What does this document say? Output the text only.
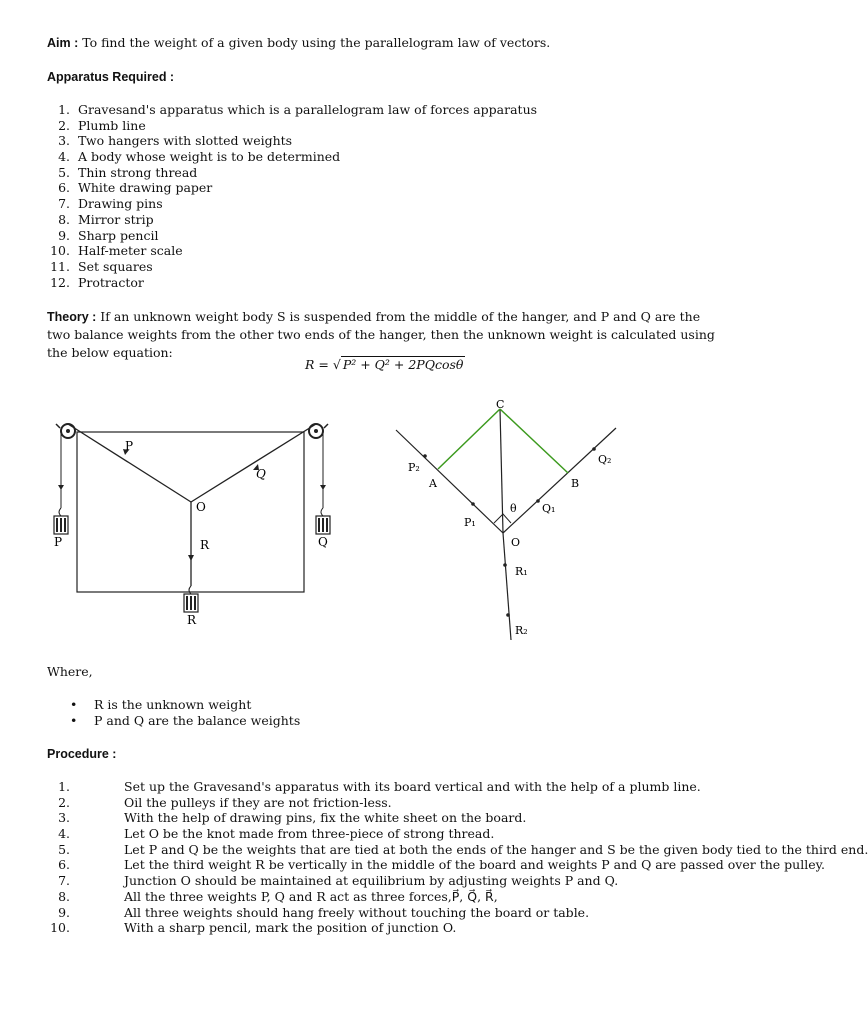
Aim : To find the weight of a given body using the parallelogram law of vectors.
Apparatus Required :
1. Gravesand's apparatus which is a parallelogram law of forces apparatus
2. Plumb line
3. Two hangers with slotted weights
4. A body whose weight is to be determined
5. Thin strong thread
6. White drawing paper
7. Drawing pins
8. Mirror strip
9. Sharp pencil
10. Half-meter scale
11. Set squares
12. Protractor
Theory : If an unknown weight body S is suspended from the middle of the hanger, and P and Q are the two balance weights from the other two ends of the hanger, then the unknown weight is calculated using the below equation:
R = √ P² + Q² + 2PQcosθ
P
Q
O
R
P	Q
R
C
P₂
A
Q₂
B
θ Q₁
P₁
O
R₁
R₂
Where,
• R is the unknown weight
• P and Q are the balance weights
Procedure :
1.	Set up the Gravesand's apparatus with its board vertical and with the help of a plumb line.
2.	Oil the pulleys if they are not friction-less.
3.	With the help of drawing pins, fix the white sheet on the board.
4.	Let O be the knot made from three-piece of strong thread.
5.	Let P and Q be the weights that are tied at both the ends of the hanger and S be the given body tied to the third end.
6.	Let the third weight R be vertically in the middle of the board and weights P and Q are passed over the pulley.
7.	Junction O should be maintained at equilibrium by adjusting weights P and Q.
8.	All the three weights P, Q and R act as three forces,P⃗, Q⃗, R⃗,
9.	All three weights should hang freely without touching the board or table.
10.	With a sharp pencil, mark the position of junction O.
